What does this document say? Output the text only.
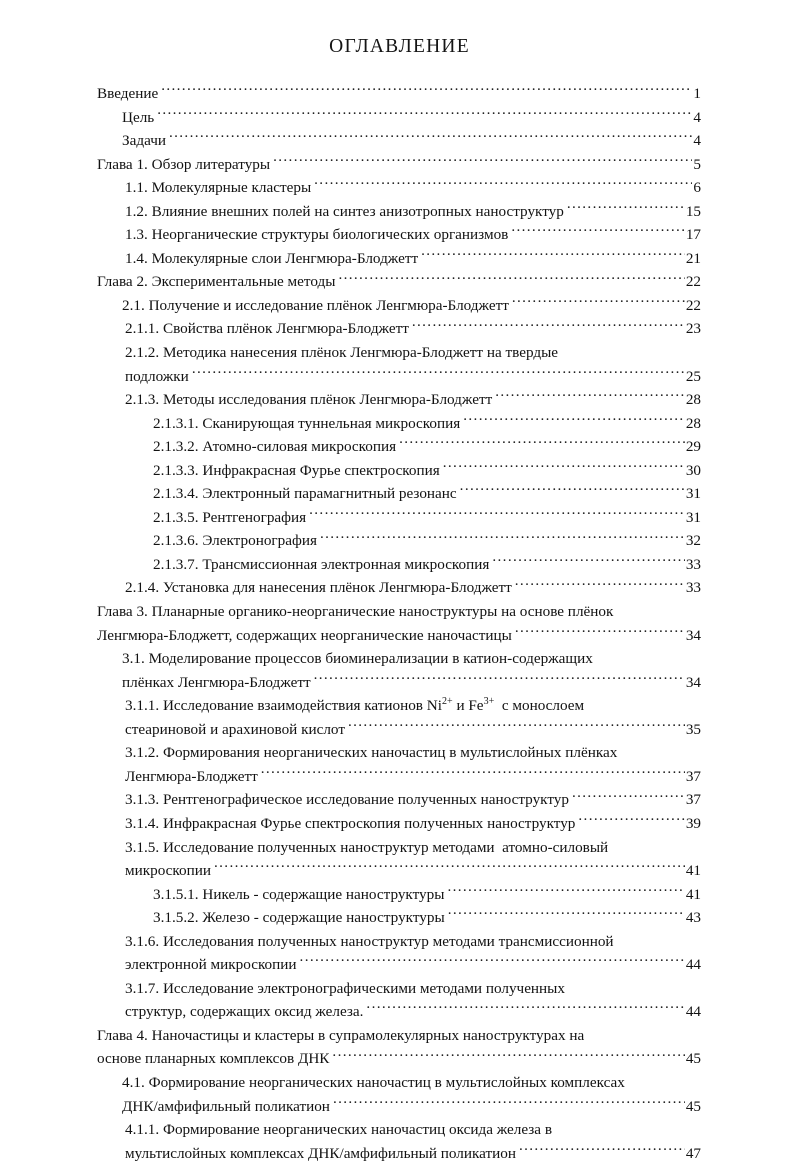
ОГЛАВЛЕНИЕ
Введение .....	1
Цель .....	4
Задачи .....	4
Глава 1. Обзор литературы .....	5
1.1. Молекулярные кластеры .....	6
1.2. Влияние внешних полей на синтез анизотропных наноструктур .....	15
1.3. Неорганические структуры биологических организмов .....	17
1.4. Молекулярные слои Ленгмюра-Блоджетт .....	21
Глава 2. Экспериментальные методы .....	22
2.1. Получение и исследование плёнок Ленгмюра-Блоджетт .....	22
2.1.1. Свойства плёнок Ленгмюра-Блоджетт .....	23
2.1.2. Методика нанесения плёнок Ленгмюра-Блоджетт на твердые
подложки .....	25
2.1.3. Методы исследования плёнок Ленгмюра-Блоджетт .....	28
2.1.3.1. Сканирующая туннельная микроскопия .....	28
2.1.3.2. Атомно-силовая микроскопия .....	29
2.1.3.3. Инфракрасная Фурье спектроскопия .....	30
2.1.3.4. Электронный парамагнитный резонанс .....	31
2.1.3.5. Рентгенография .....	31
2.1.3.6. Электронография .....	32
2.1.3.7. Трансмиссионная электронная микроскопия .....	33
2.1.4. Установка для нанесения плёнок Ленгмюра-Блоджетт .....	33
Глава 3. Планарные органико-неорганические наноструктуры на основе плёнок
Ленгмюра-Блоджетт, содержащих неорганические наночастицы .....	34
3.1. Моделирование процессов биоминерализации в катион-содержащих
плёнках Ленгмюра-Блоджетт .....	34
3.1.1. Исследование взаимодействия катионов $Ni^{2+}$ и $Fe^{3+}$  с монослоем
стеариновой и арахиновой кислот .....	35
3.1.2. Формирования неорганических наночастиц в мультислойных плёнках
Ленгмюра-Блоджетт .....	37
3.1.3. Рентгенографическое исследование полученных наноструктур .....	37
3.1.4. Инфракрасная Фурье спектроскопия полученных наноструктур .....	39
3.1.5. Исследование полученных наноструктур методами  атомно-силовый
микроскопии .....	41
3.1.5.1. Никель - содержащие наноструктуры .....	41
3.1.5.2. Железо - содержащие наноструктуры .....	43
3.1.6. Исследования полученных наноструктур методами трансмиссионной
электронной микроскопии .....	44
3.1.7. Исследование электронографическими методами полученных
структур, содержащих оксид железа. .....	44
Глава 4. Наночастицы и кластеры в супрамолекулярных наноструктурах на
основе планарных комплексов ДНК .....	45
4.1. Формирование неорганических наночастиц в мультислойных комплексах
ДНК/амфифильный поликатион .....	45
4.1.1. Формирование неорганических наночастиц оксида железа в
мультислойных комплексах ДНК/амфифильный поликатион .....	47
